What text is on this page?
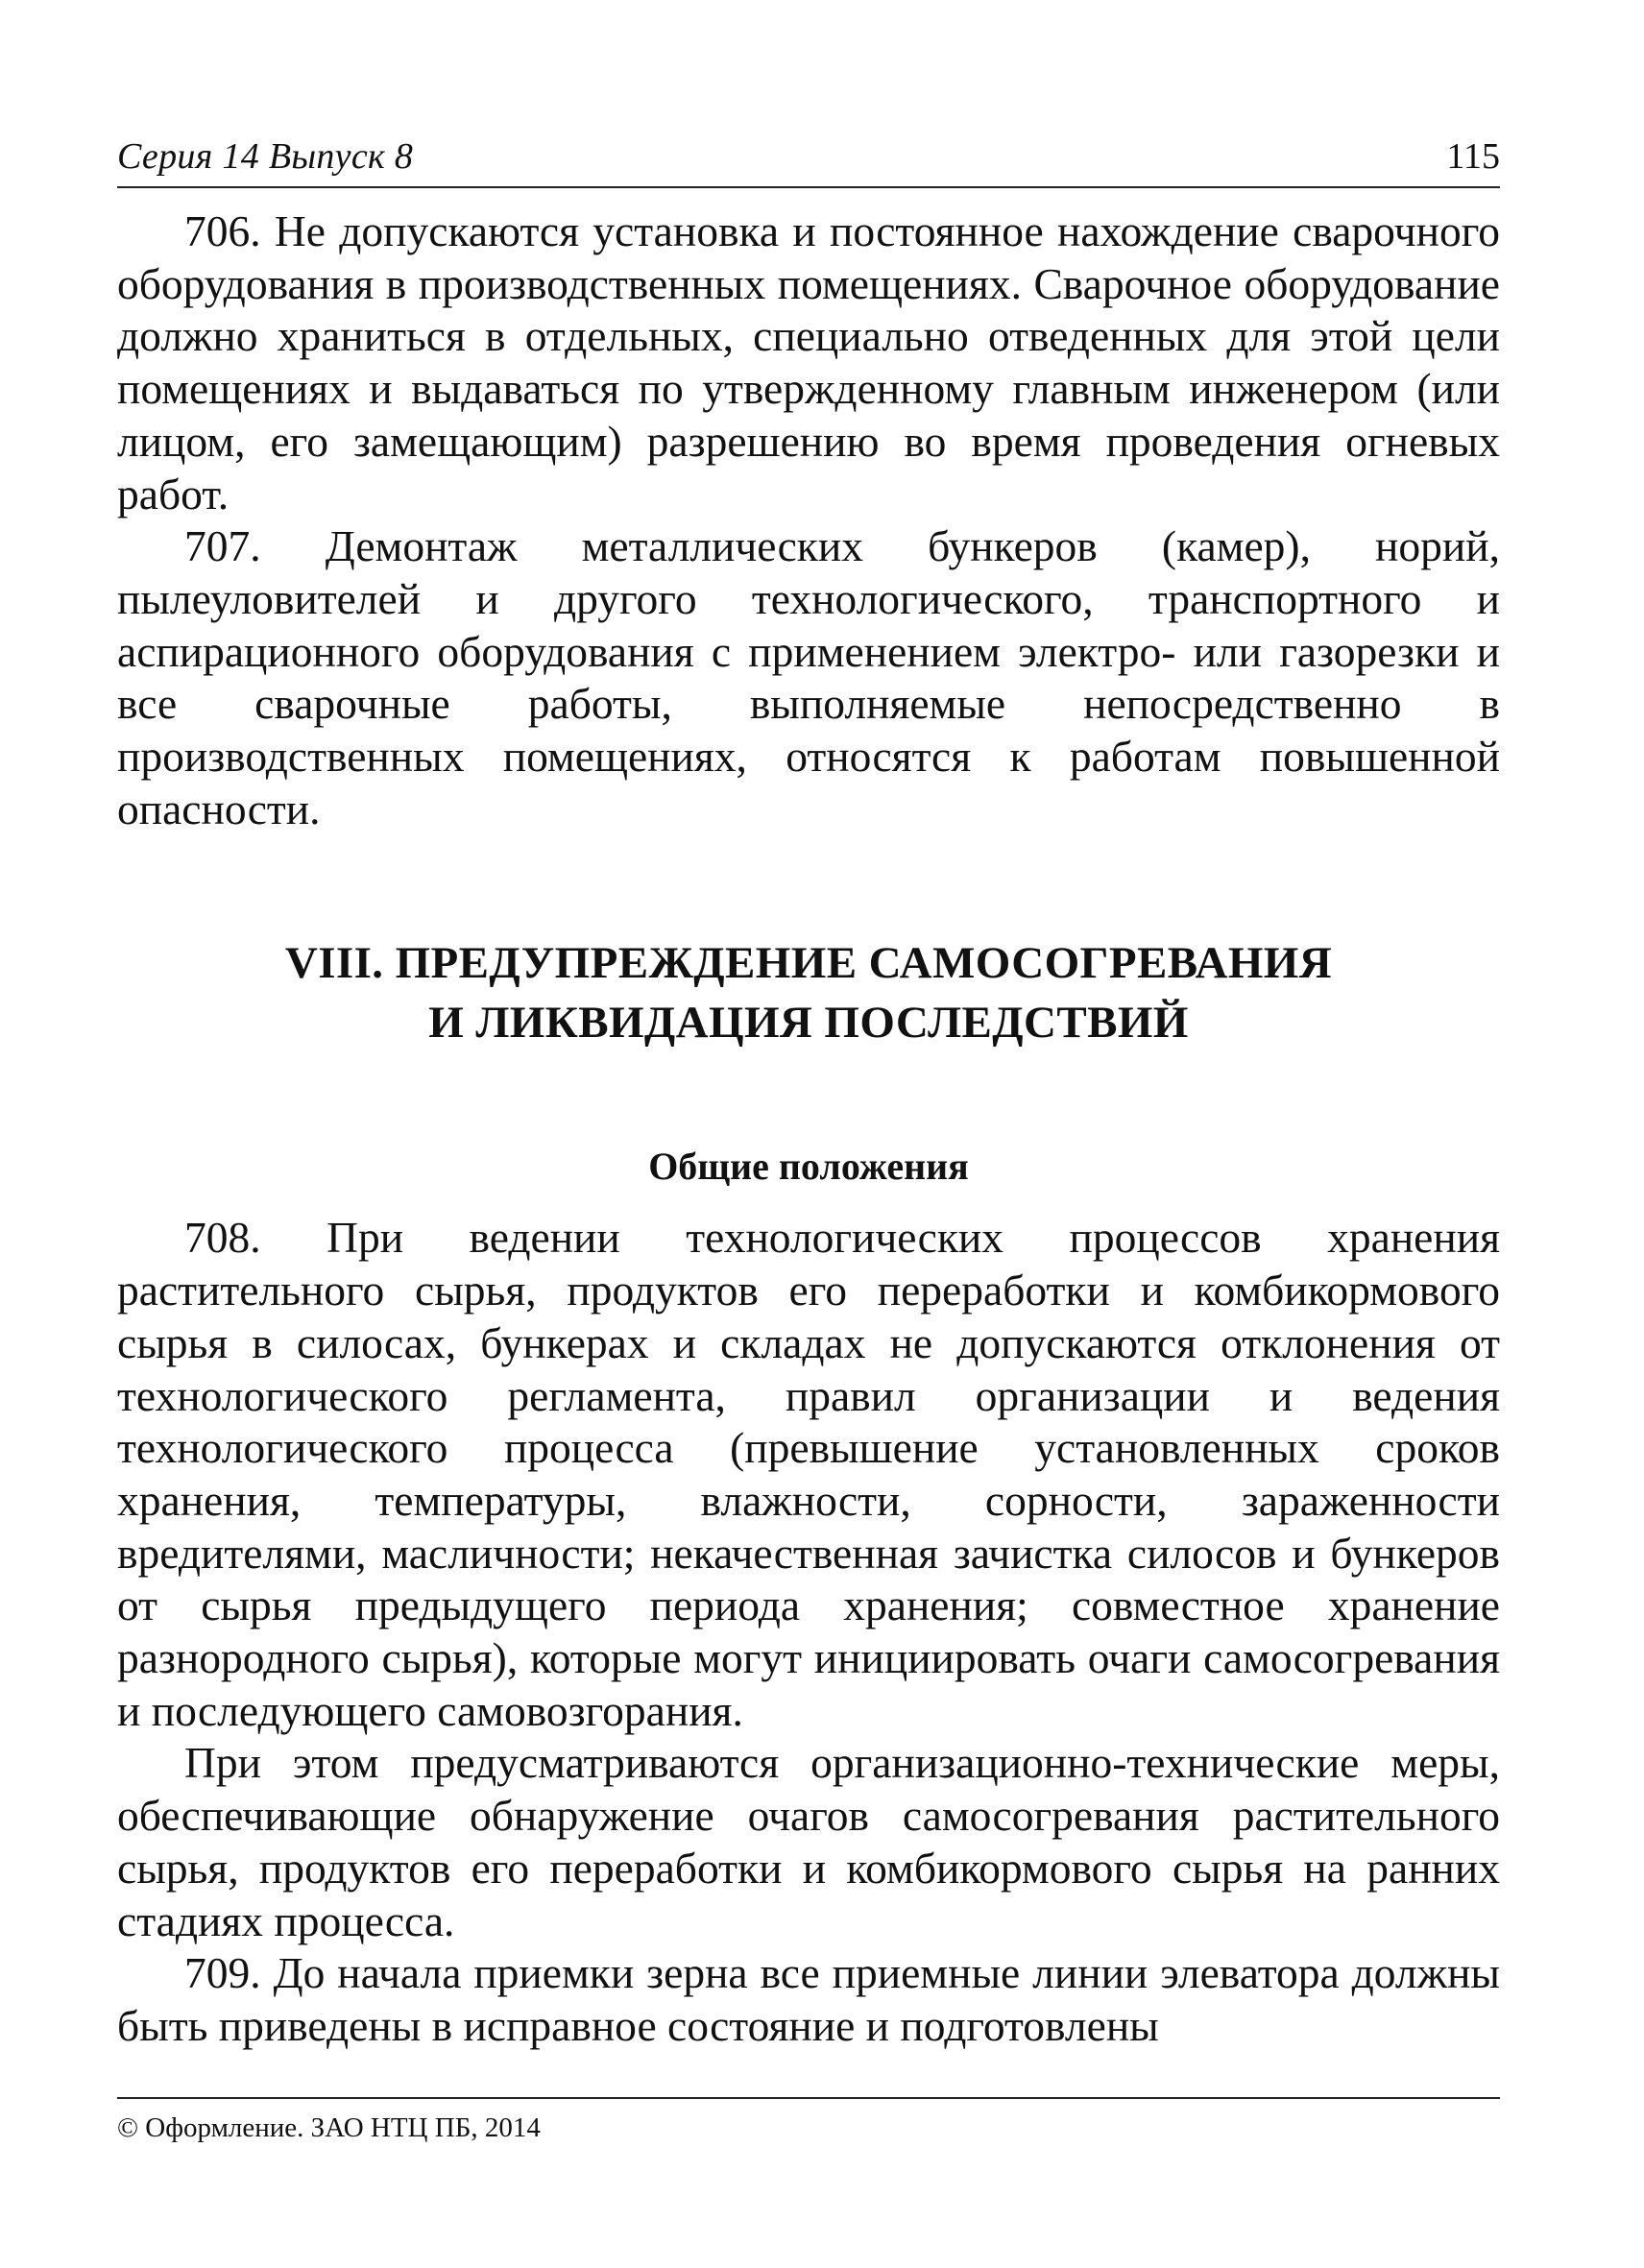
Серия 14 Выпуск 8	115

706. Не допускаются установка и постоянное нахождение сварочного оборудования в производственных помещениях. Сварочное оборудование должно храниться в отдельных, специально отведенных для этой цели помещениях и выдаваться по утвержденному главным инженером (или лицом, его замещающим) разрешению во время проведения огневых работ.

707. Демонтаж металлических бункеров (камер), норий, пылеуловителей и другого технологического, транспортного и аспирационного оборудования с применением электро- или газорезки и все сварочные работы, выполняемые непосредственно в производственных помещениях, относятся к работам повышенной опасности.

VIII. ПРЕДУПРЕЖДЕНИЕ САМОСОГРЕВАНИЯ
И ЛИКВИДАЦИЯ ПОСЛЕДСТВИЙ
Общие положения

708. При ведении технологических процессов хранения растительного сырья, продуктов его переработки и комбикормового сырья в силосах, бункерах и складах не допускаются отклонения от технологического регламента, правил организации и ведения технологического процесса (превышение установленных сроков хранения, температуры, влажности, сорности, зараженности вредителями, масличности; некачественная зачистка силосов и бункеров от сырья предыдущего периода хранения; совместное хранение разнородного сырья), которые могут инициировать очаги самосогревания и последующего самовозгорания.

При этом предусматриваются организационно-технические меры, обеспечивающие обнаружение очагов самосогревания растительного сырья, продуктов его переработки и комбикормового сырья на ранних стадиях процесса.

709. До начала приемки зерна все приемные линии элеватора должны быть приведены в исправное состояние и подготовлены

© Оформление. ЗАО НТЦ ПБ, 2014
